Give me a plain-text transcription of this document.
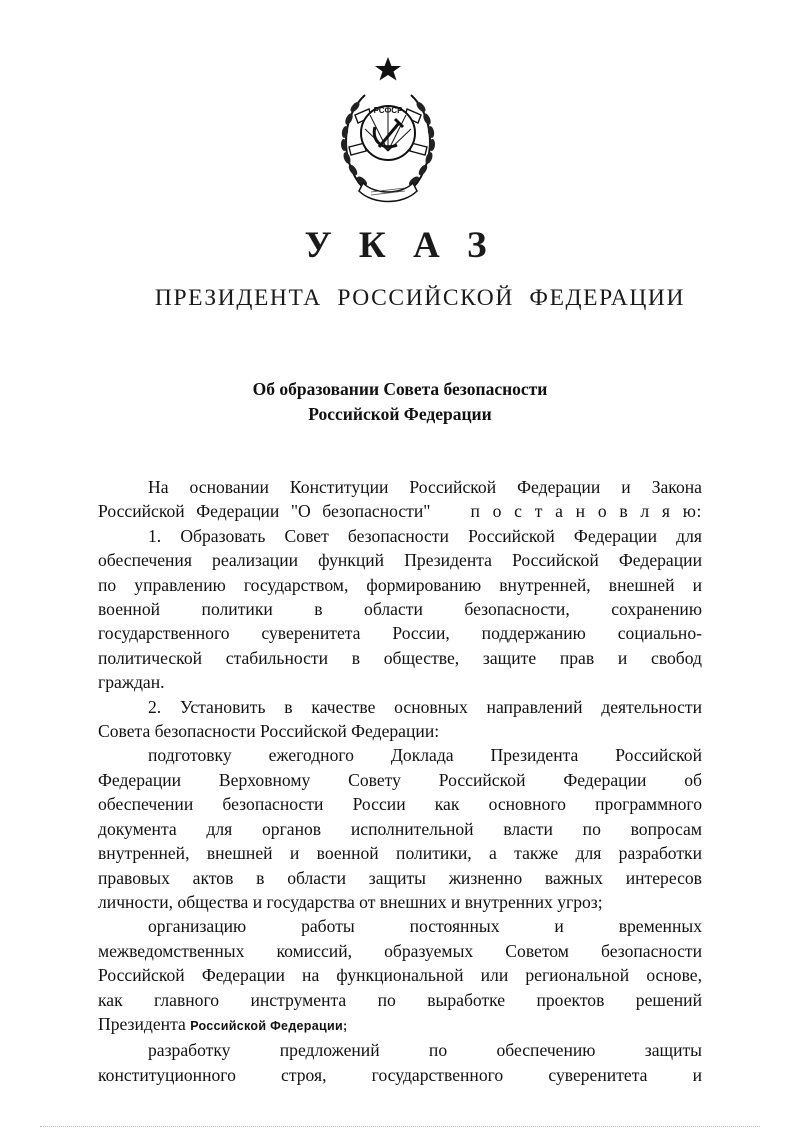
РСФСР
У К А З
ПРЕЗИДЕНТА РОССИЙСКОЙ ФЕДЕРАЦИИ
Об образовании Совета безопасности
Российской Федерации
На основании Конституции Российской Федерации и Закона
Российской Федерации "О безопасности" п о с т а н о в л я ю:
1. Образовать Совет безопасности Российской Федерации для
обеспечения реализации функций Президента Российской Федерации
по управлению государством, формированию внутренней, внешней и
военной политики в области безопасности, сохранению
государственного суверенитета России, поддержанию социально-
политической стабильности в обществе, защите прав и свобод
граждан.
2. Установить в качестве основных направлений деятельности
Совета безопасности Российской Федерации:
подготовку ежегодного Доклада Президента Российской
Федерации Верховному Совету Российской Федерации об
обеспечении безопасности России как основного программного
документа для органов исполнительной власти по вопросам
внутренней, внешней и военной политики, а также для разработки
правовых актов в области защиты жизненно важных интересов
личности, общества и государства от внешних и внутренних угроз;
организацию работы постоянных и временных
межведомственных комиссий, образуемых Советом безопасности
Российской Федерации на функциональной или региональной основе,
как главного инструмента по выработке проектов решений
Президента Российской Федерации;
разработку предложений по обеспечению защиты
конституционного строя, государственного суверенитета и
